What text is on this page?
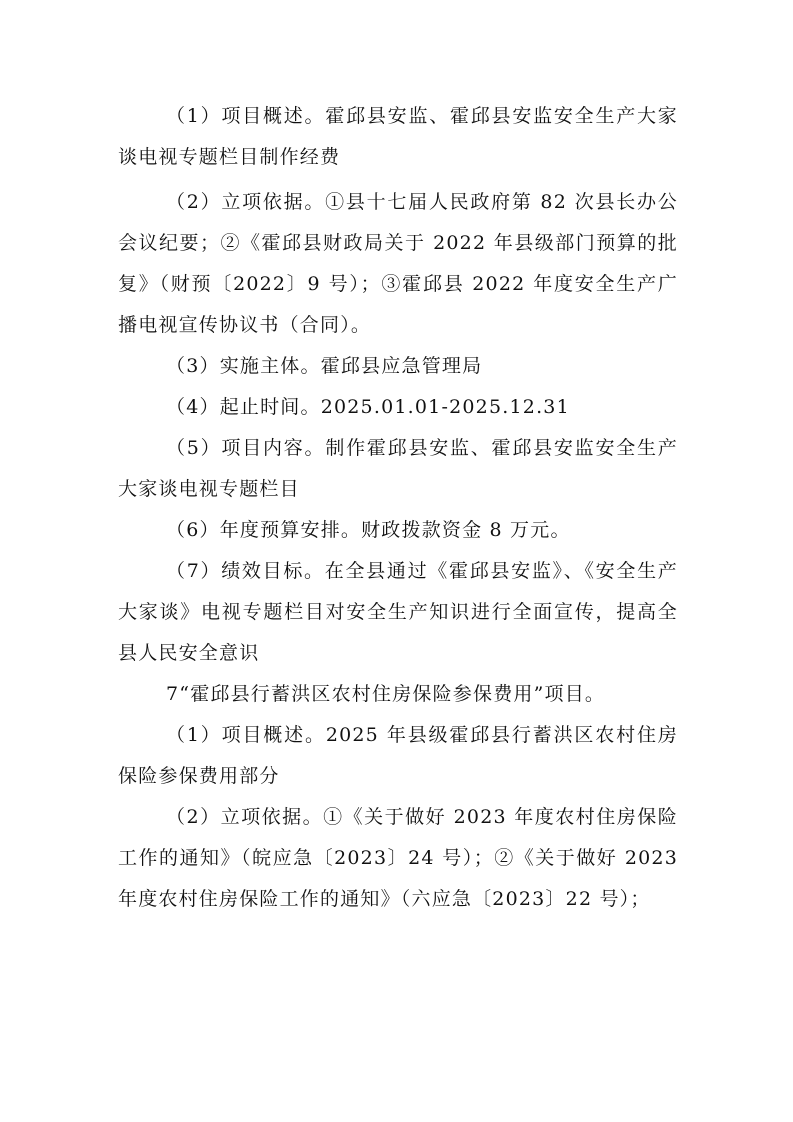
（1）项目概述。霍邱县安监、霍邱县安监安全生产大家谈电视专题栏目制作经费

（2）立项依据。①县十七届人民政府第 82 次县长办公会议纪要；②《霍邱县财政局关于 2022 年县级部门预算的批复》（财预〔2022〕9 号）；③霍邱县 2022 年度安全生产广播电视宣传协议书（合同）。

（3）实施主体。霍邱县应急管理局

（4）起止时间。2025.01.01-2025.12.31

（5）项目内容。制作霍邱县安监、霍邱县安监安全生产大家谈电视专题栏目

（6）年度预算安排。财政拨款资金 8 万元。

（7）绩效目标。在全县通过《霍邱县安监》、《安全生产大家谈》电视专题栏目对安全生产知识进行全面宣传，提高全县人民安全意识

7“霍邱县行蓄洪区农村住房保险参保费用”项目。

（1）项目概述。2025 年县级霍邱县行蓄洪区农村住房保险参保费用部分

（2）立项依据。①《关于做好 2023 年度农村住房保险工作的通知》（皖应急〔2023〕24 号）；②《关于做好 2023 年度农村住房保险工作的通知》（六应急〔2023〕22 号）；
